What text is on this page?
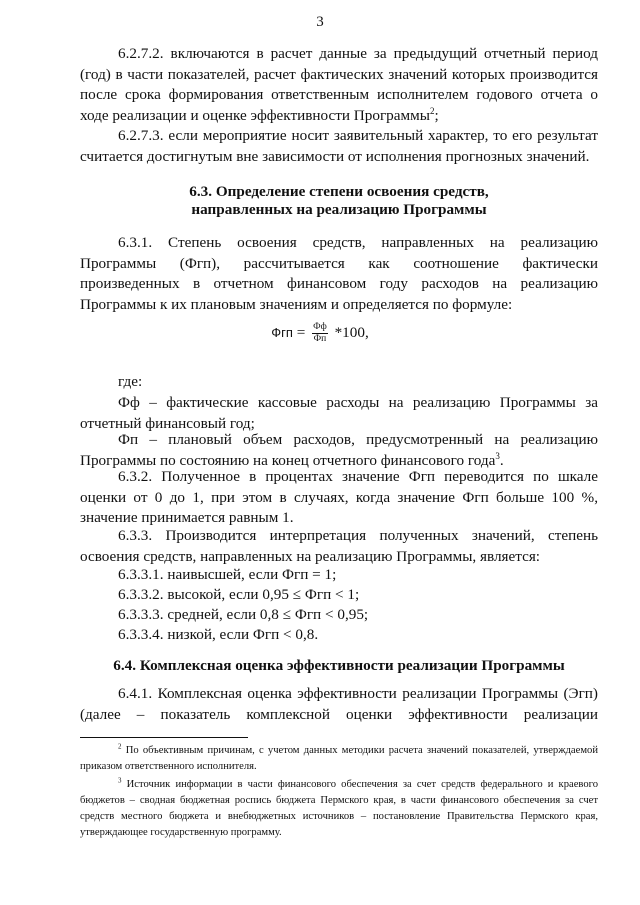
3

6.2.7.2. включаются в расчет данные за предыдущий отчетный период (год) в части показателей, расчет фактических значений которых производится после срока формирования ответственным исполнителем годового отчета о ходе реализации и оценке эффективности Программы$^2$;

6.2.7.3. если мероприятие носит заявительный характер, то его результат считается достигнутым вне зависимости от исполнения прогнозных значений.

6.3. Определение степени освоения средств,
направленных на реализацию Программы

6.3.1. Степень освоения средств, направленных на реализацию Программы (Фгп), рассчитывается как соотношение фактически произведенных в отчетном финансовом году расходов на реализацию Программы к их плановым значениям и определяется по формуле:

Фгп = $\frac{Фф}{Фп} *100$,

где:

Фф – фактические кассовые расходы на реализацию Программы за отчетный финансовый год;

Фп – плановый объем расходов, предусмотренный на реализацию Программы по состоянию на конец отчетного финансового года$^3$.

6.3.2. Полученное в процентах значение Фгп переводится по шкале оценки от 0 до 1, при этом в случаях, когда значение Фгп больше 100 %, значение принимается равным 1.

6.3.3. Производится интерпретация полученных значений, степень освоения средств, направленных на реализацию Программы, является:

6.3.3.1. наивысшей, если Фгп = 1;

6.3.3.2. высокой, если 0,95 ≤ Фгп < 1;

6.3.3.3. средней, если 0,8 ≤ Фгп < 0,95;

6.3.3.4. низкой, если Фгп < 0,8.

6.4. Комплексная оценка эффективности реализации Программы

6.4.1. Комплексная оценка эффективности реализации Программы (Эгп) (далее – показатель комплексной оценки эффективности реализации

$^2$ По объективным причинам, с учетом данных методики расчета значений показателей, утверждаемой приказом ответственного исполнителя.

$^3$ Источник информации в части финансового обеспечения за счет средств федерального и краевого бюджетов – сводная бюджетная роспись бюджета Пермского края, в части финансового обеспечения за счет средств местного бюджета и внебюджетных источников – постановление Правительства Пермского края, утверждающее государственную программу.
